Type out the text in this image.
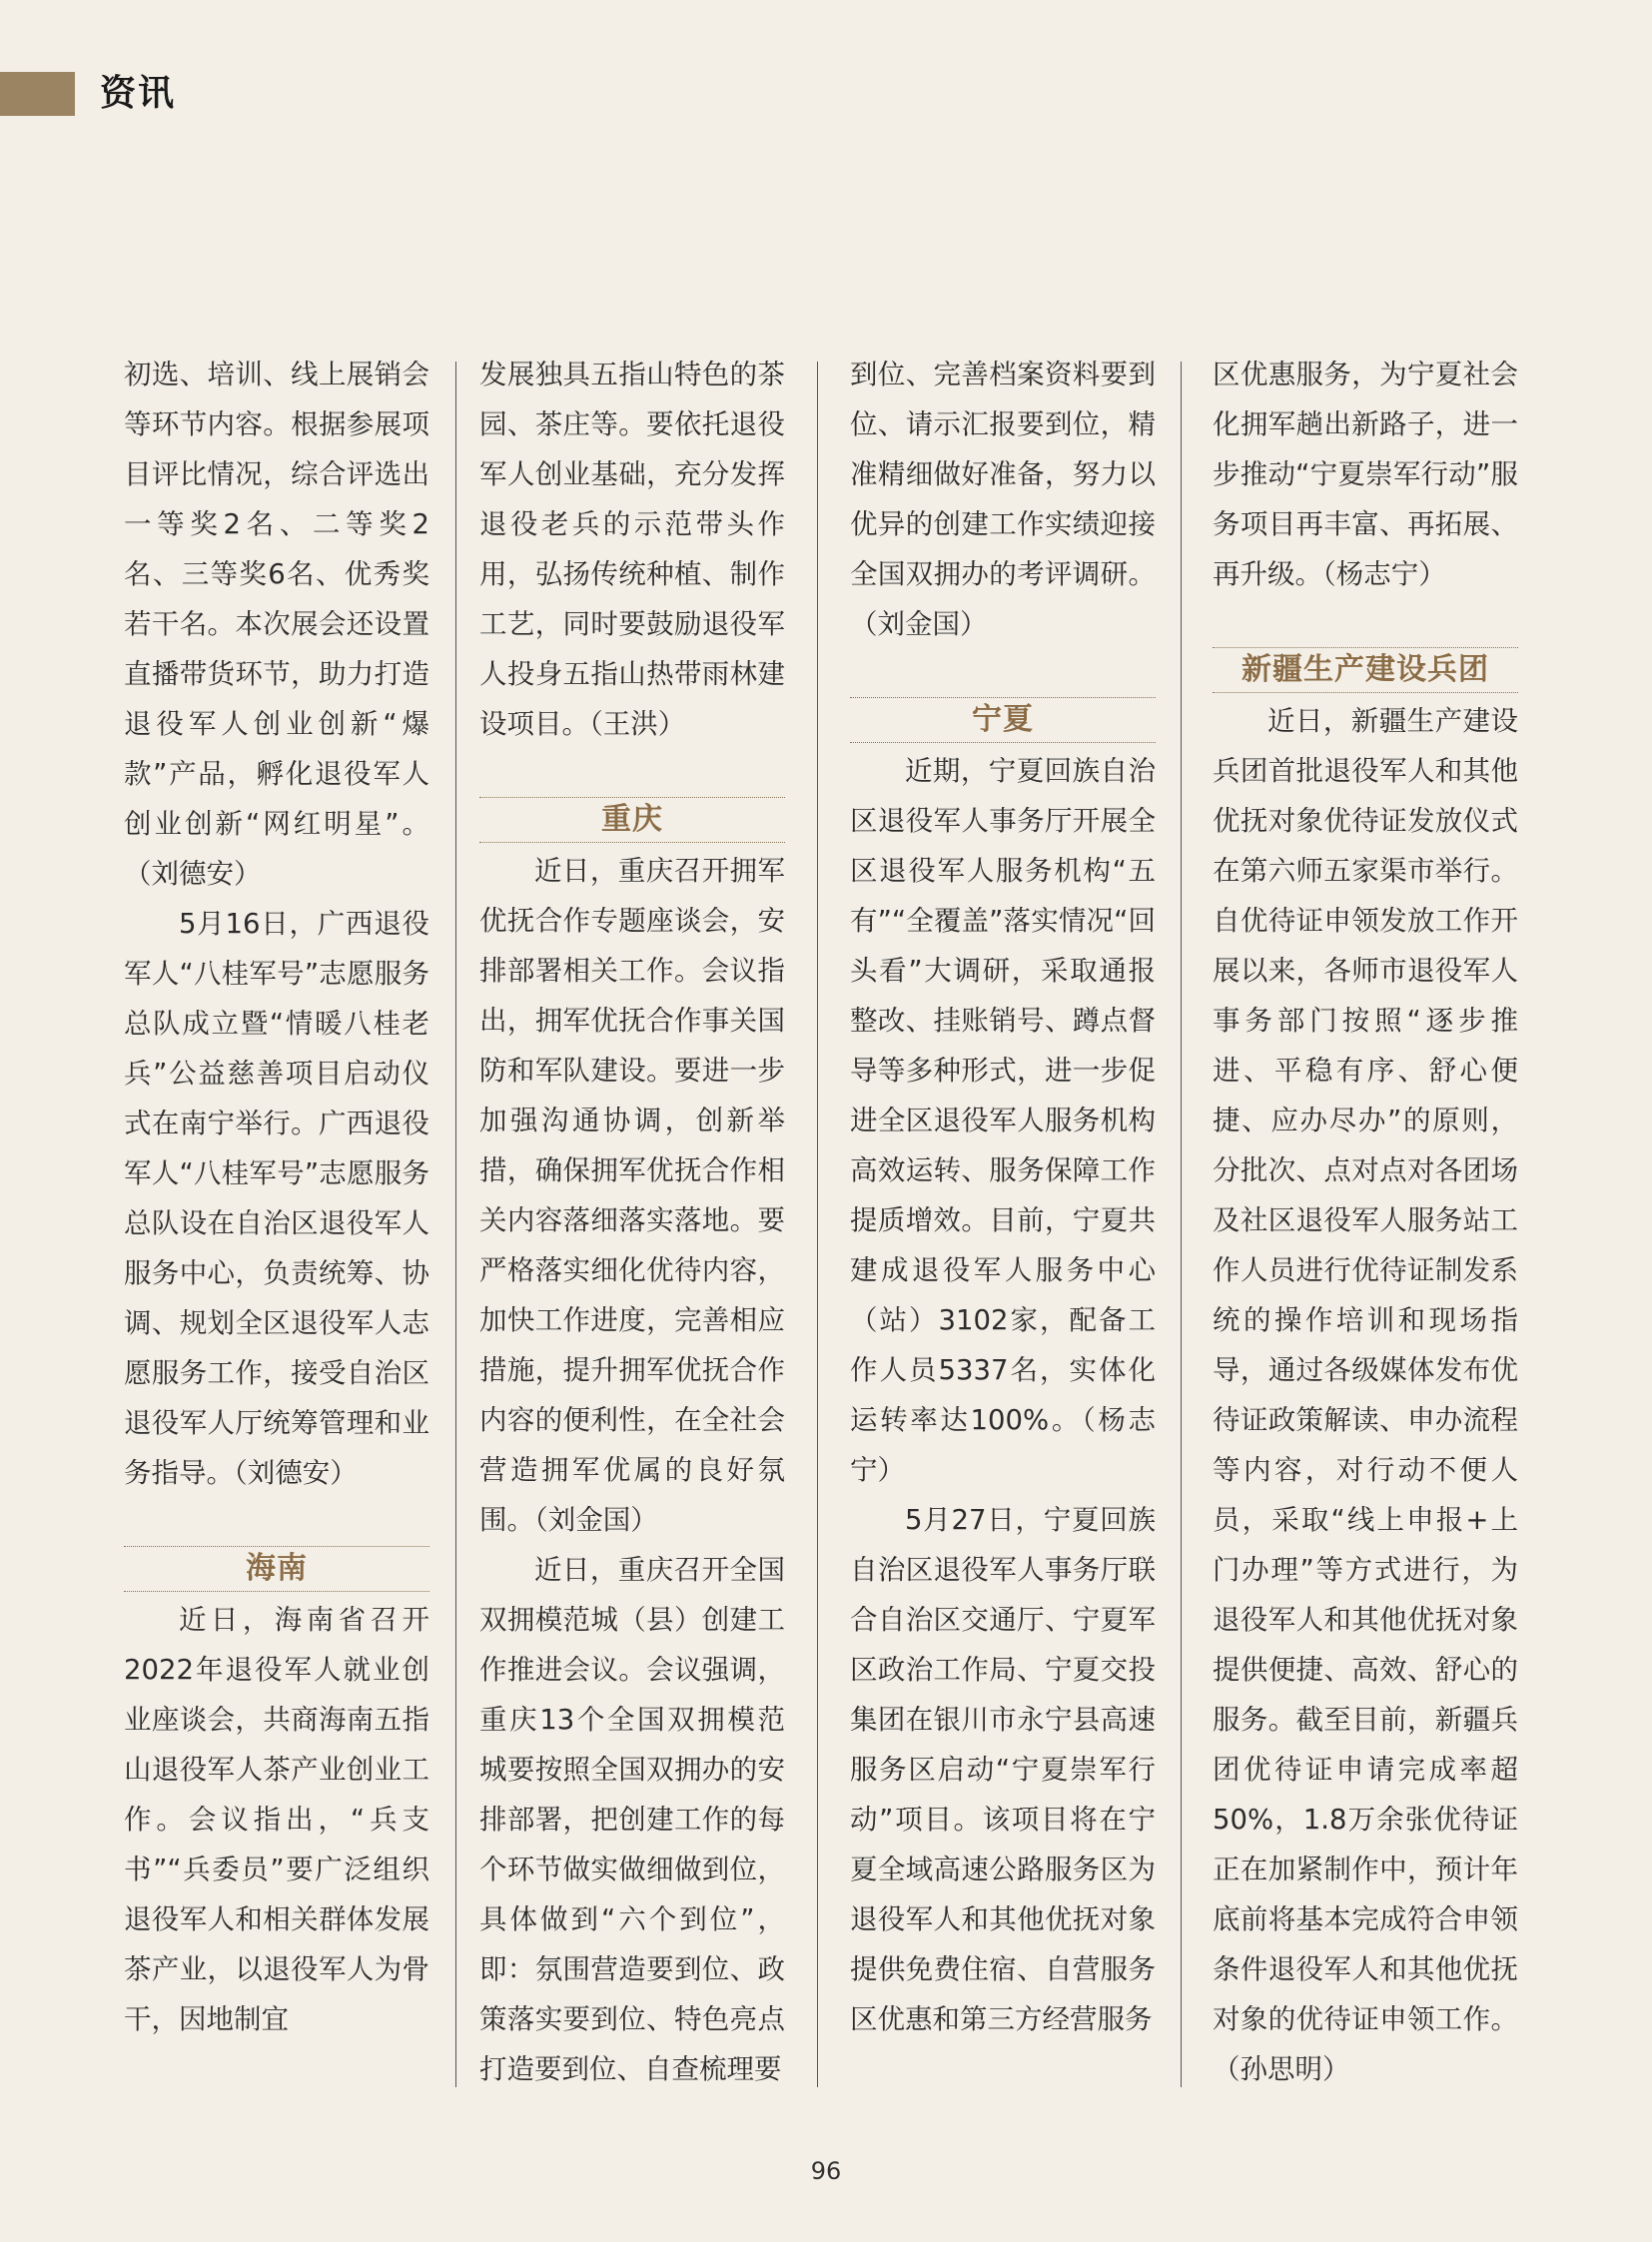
资讯

初选、培训、线上展销会等环节内容。根据参展项目评比情况，综合评选出一等奖2名、二等奖2名、三等奖6名、优秀奖若干名。本次展会还设置直播带货环节，助力打造退役军人创业创新“爆款”产品，孵化退役军人创业创新“网红明星”。（刘德安）

5月16日，广西退役军人“八桂军号”志愿服务总队成立暨“情暖八桂老兵”公益慈善项目启动仪式在南宁举行。广西退役军人“八桂军号”志愿服务总队设在自治区退役军人服务中心，负责统筹、协调、规划全区退役军人志愿服务工作，接受自治区退役军人厅统筹管理和业务指导。（刘德安）

海南

近日，海南省召开2022年退役军人就业创业座谈会，共商海南五指山退役军人茶产业创业工作。会议指出，“兵支书”“兵委员”要广泛组织退役军人和相关群体发展茶产业，以退役军人为骨干，因地制宜

发展独具五指山特色的茶园、茶庄等。要依托退役军人创业基础，充分发挥退役老兵的示范带头作用，弘扬传统种植、制作工艺，同时要鼓励退役军人投身五指山热带雨林建设项目。（王洪）

重庆

近日，重庆召开拥军优抚合作专题座谈会，安排部署相关工作。会议指出，拥军优抚合作事关国防和军队建设。要进一步加强沟通协调，创新举措，确保拥军优抚合作相关内容落细落实落地。要严格落实细化优待内容，加快工作进度，完善相应措施，提升拥军优抚合作内容的便利性，在全社会营造拥军优属的良好氛围。（刘金国）

近日，重庆召开全国双拥模范城（县）创建工作推进会议。会议强调，重庆13个全国双拥模范城要按照全国双拥办的安排部署，把创建工作的每个环节做实做细做到位，具体做到“六个到位”，即：氛围营造要到位、政策落实要到位、特色亮点打造要到位、自查梳理要

到位、完善档案资料要到位、请示汇报要到位，精准精细做好准备，努力以优异的创建工作实绩迎接全国双拥办的考评调研。（刘金国）

宁夏

近期，宁夏回族自治区退役军人事务厅开展全区退役军人服务机构“五有”“全覆盖”落实情况“回头看”大调研，采取通报整改、挂账销号、蹲点督导等多种形式，进一步促进全区退役军人服务机构高效运转、服务保障工作提质增效。目前，宁夏共建成退役军人服务中心（站）3102家，配备工作人员5337名，实体化运转率达100%。（杨志宁）

5月27日，宁夏回族自治区退役军人事务厅联合自治区交通厅、宁夏军区政治工作局、宁夏交投集团在银川市永宁县高速服务区启动“宁夏崇军行动”项目。该项目将在宁夏全域高速公路服务区为退役军人和其他优抚对象提供免费住宿、自营服务区优惠和第三方经营服务

区优惠服务，为宁夏社会化拥军趟出新路子，进一步推动“宁夏崇军行动”服务项目再丰富、再拓展、再升级。（杨志宁）

新疆生产建设兵团

近日，新疆生产建设兵团首批退役军人和其他优抚对象优待证发放仪式在第六师五家渠市举行。自优待证申领发放工作开展以来，各师市退役军人事务部门按照“逐步推进、平稳有序、舒心便捷、应办尽办”的原则，分批次、点对点对各团场及社区退役军人服务站工作人员进行优待证制发系统的操作培训和现场指导，通过各级媒体发布优待证政策解读、申办流程等内容，对行动不便人员，采取“线上申报+上门办理”等方式进行，为退役军人和其他优抚对象提供便捷、高效、舒心的服务。截至目前，新疆兵团优待证申请完成率超50%，1.8万余张优待证正在加紧制作中，预计年底前将基本完成符合申领条件退役军人和其他优抚对象的优待证申领工作。（孙思明）

96
